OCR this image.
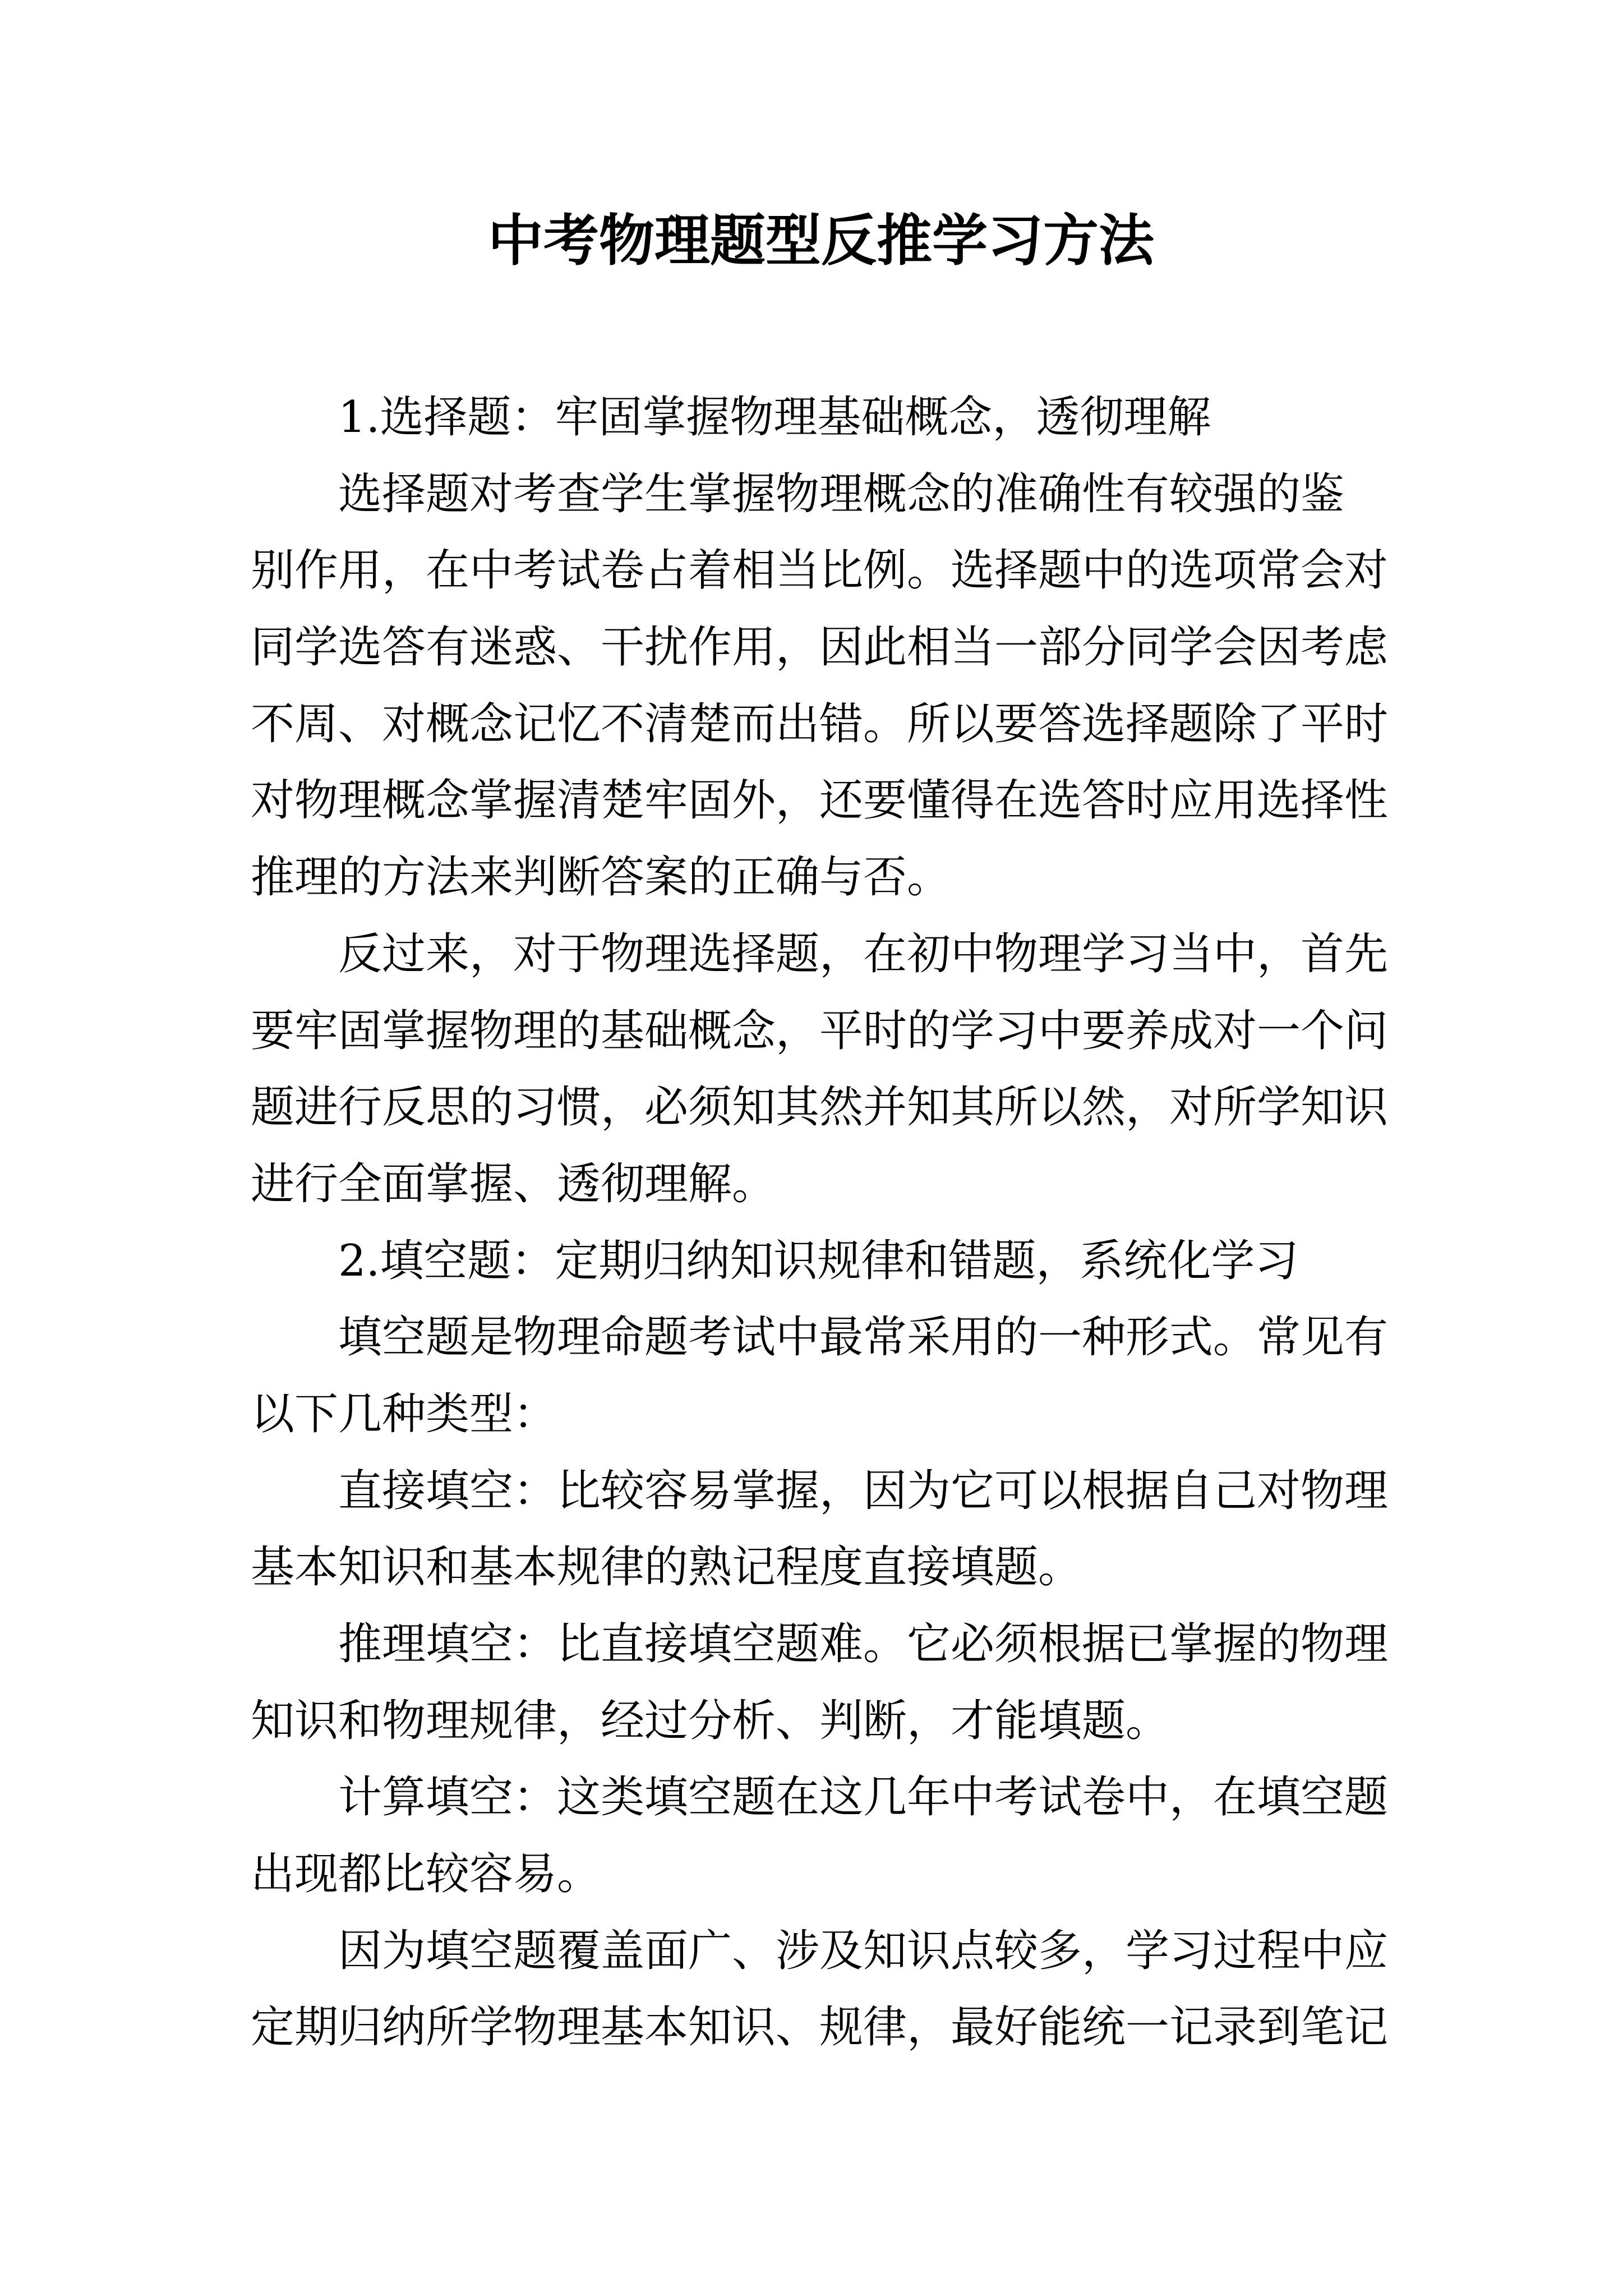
中考物理题型反推学习方法
1.选择题：牢固掌握物理基础概念，透彻理解
选择题对考查学生掌握物理概念的准确性有较强的鉴
别作用，在中考试卷占着相当比例。选择题中的选项常会对
同学选答有迷惑、干扰作用，因此相当一部分同学会因考虑
不周、对概念记忆不清楚而出错。所以要答选择题除了平时
对物理概念掌握清楚牢固外，还要懂得在选答时应用选择性
推理的方法来判断答案的正确与否。
反过来，对于物理选择题，在初中物理学习当中，首先
要牢固掌握物理的基础概念，平时的学习中要养成对一个问
题进行反思的习惯，必须知其然并知其所以然，对所学知识
进行全面掌握、透彻理解。
2.填空题：定期归纳知识规律和错题，系统化学习
填空题是物理命题考试中最常采用的一种形式。常见有
以下几种类型：
直接填空：比较容易掌握，因为它可以根据自己对物理
基本知识和基本规律的熟记程度直接填题。
推理填空：比直接填空题难。它必须根据已掌握的物理
知识和物理规律，经过分析、判断，才能填题。
计算填空：这类填空题在这几年中考试卷中，在填空题
出现都比较容易。
因为填空题覆盖面广、涉及知识点较多，学习过程中应
定期归纳所学物理基本知识、规律，最好能统一记录到笔记
